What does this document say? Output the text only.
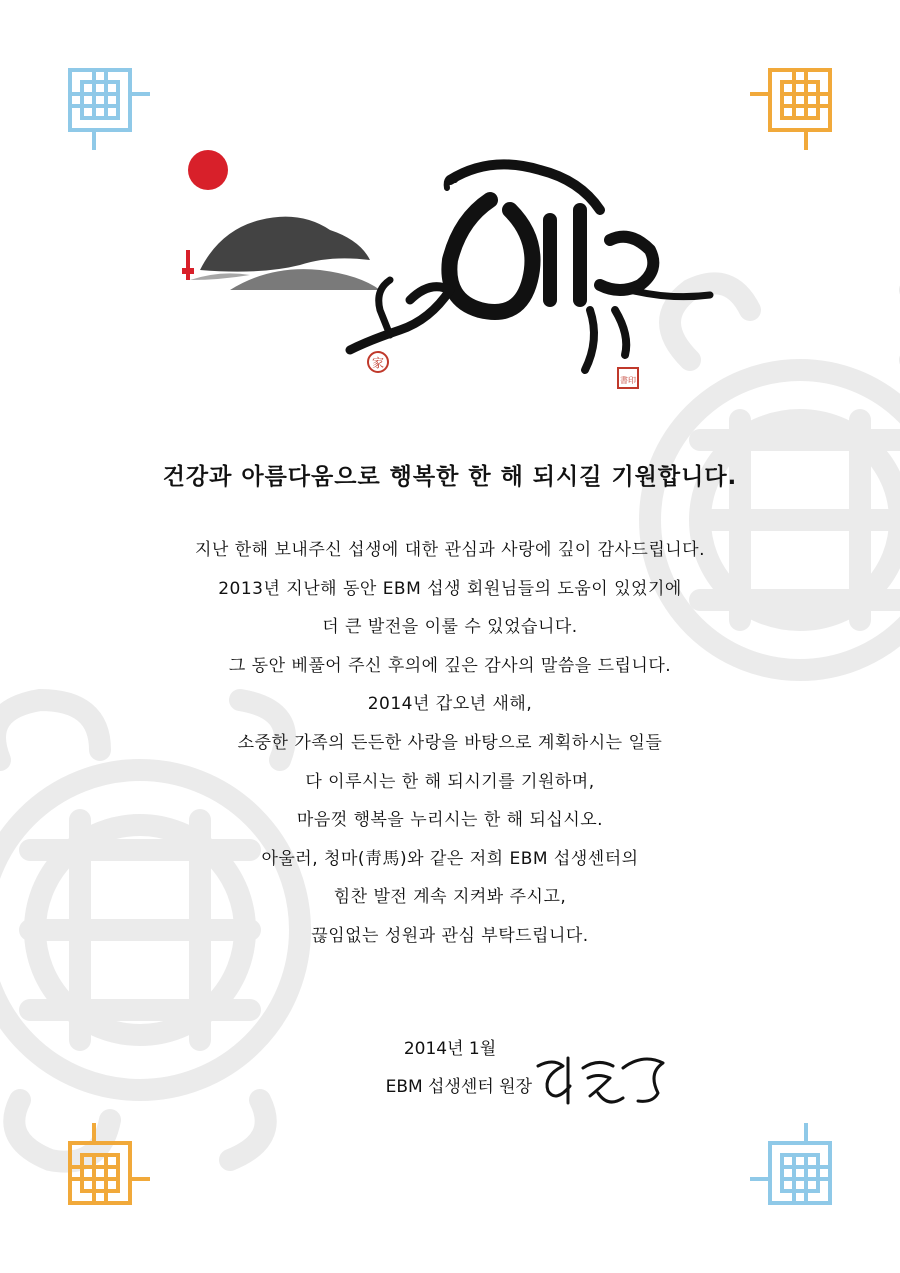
家
書印
건강과 아름다움으로 행복한 한 해 되시길 기원합니다.
지난 한해 보내주신 섭생에 대한 관심과 사랑에 깊이 감사드립니다.
2013년 지난해 동안 EBM 섭생 회원님들의 도움이 있었기에
더 큰 발전을 이룰 수 있었습니다.
그 동안 베풀어 주신 후의에 깊은 감사의 말씀을 드립니다.
2014년 갑오년 새해,
소중한 가족의 든든한 사랑을 바탕으로 계획하시는 일들
다 이루시는 한 해 되시기를 기원하며,
마음껏 행복을 누리시는 한 해 되십시오.
아울러, 청마(靑馬)와 같은 저희 EBM 섭생센터의
힘찬 발전 계속 지켜봐 주시고,
끊임없는 성원과 관심 부탁드립니다.
2014년 1월
EBM 섭생센터 원장
